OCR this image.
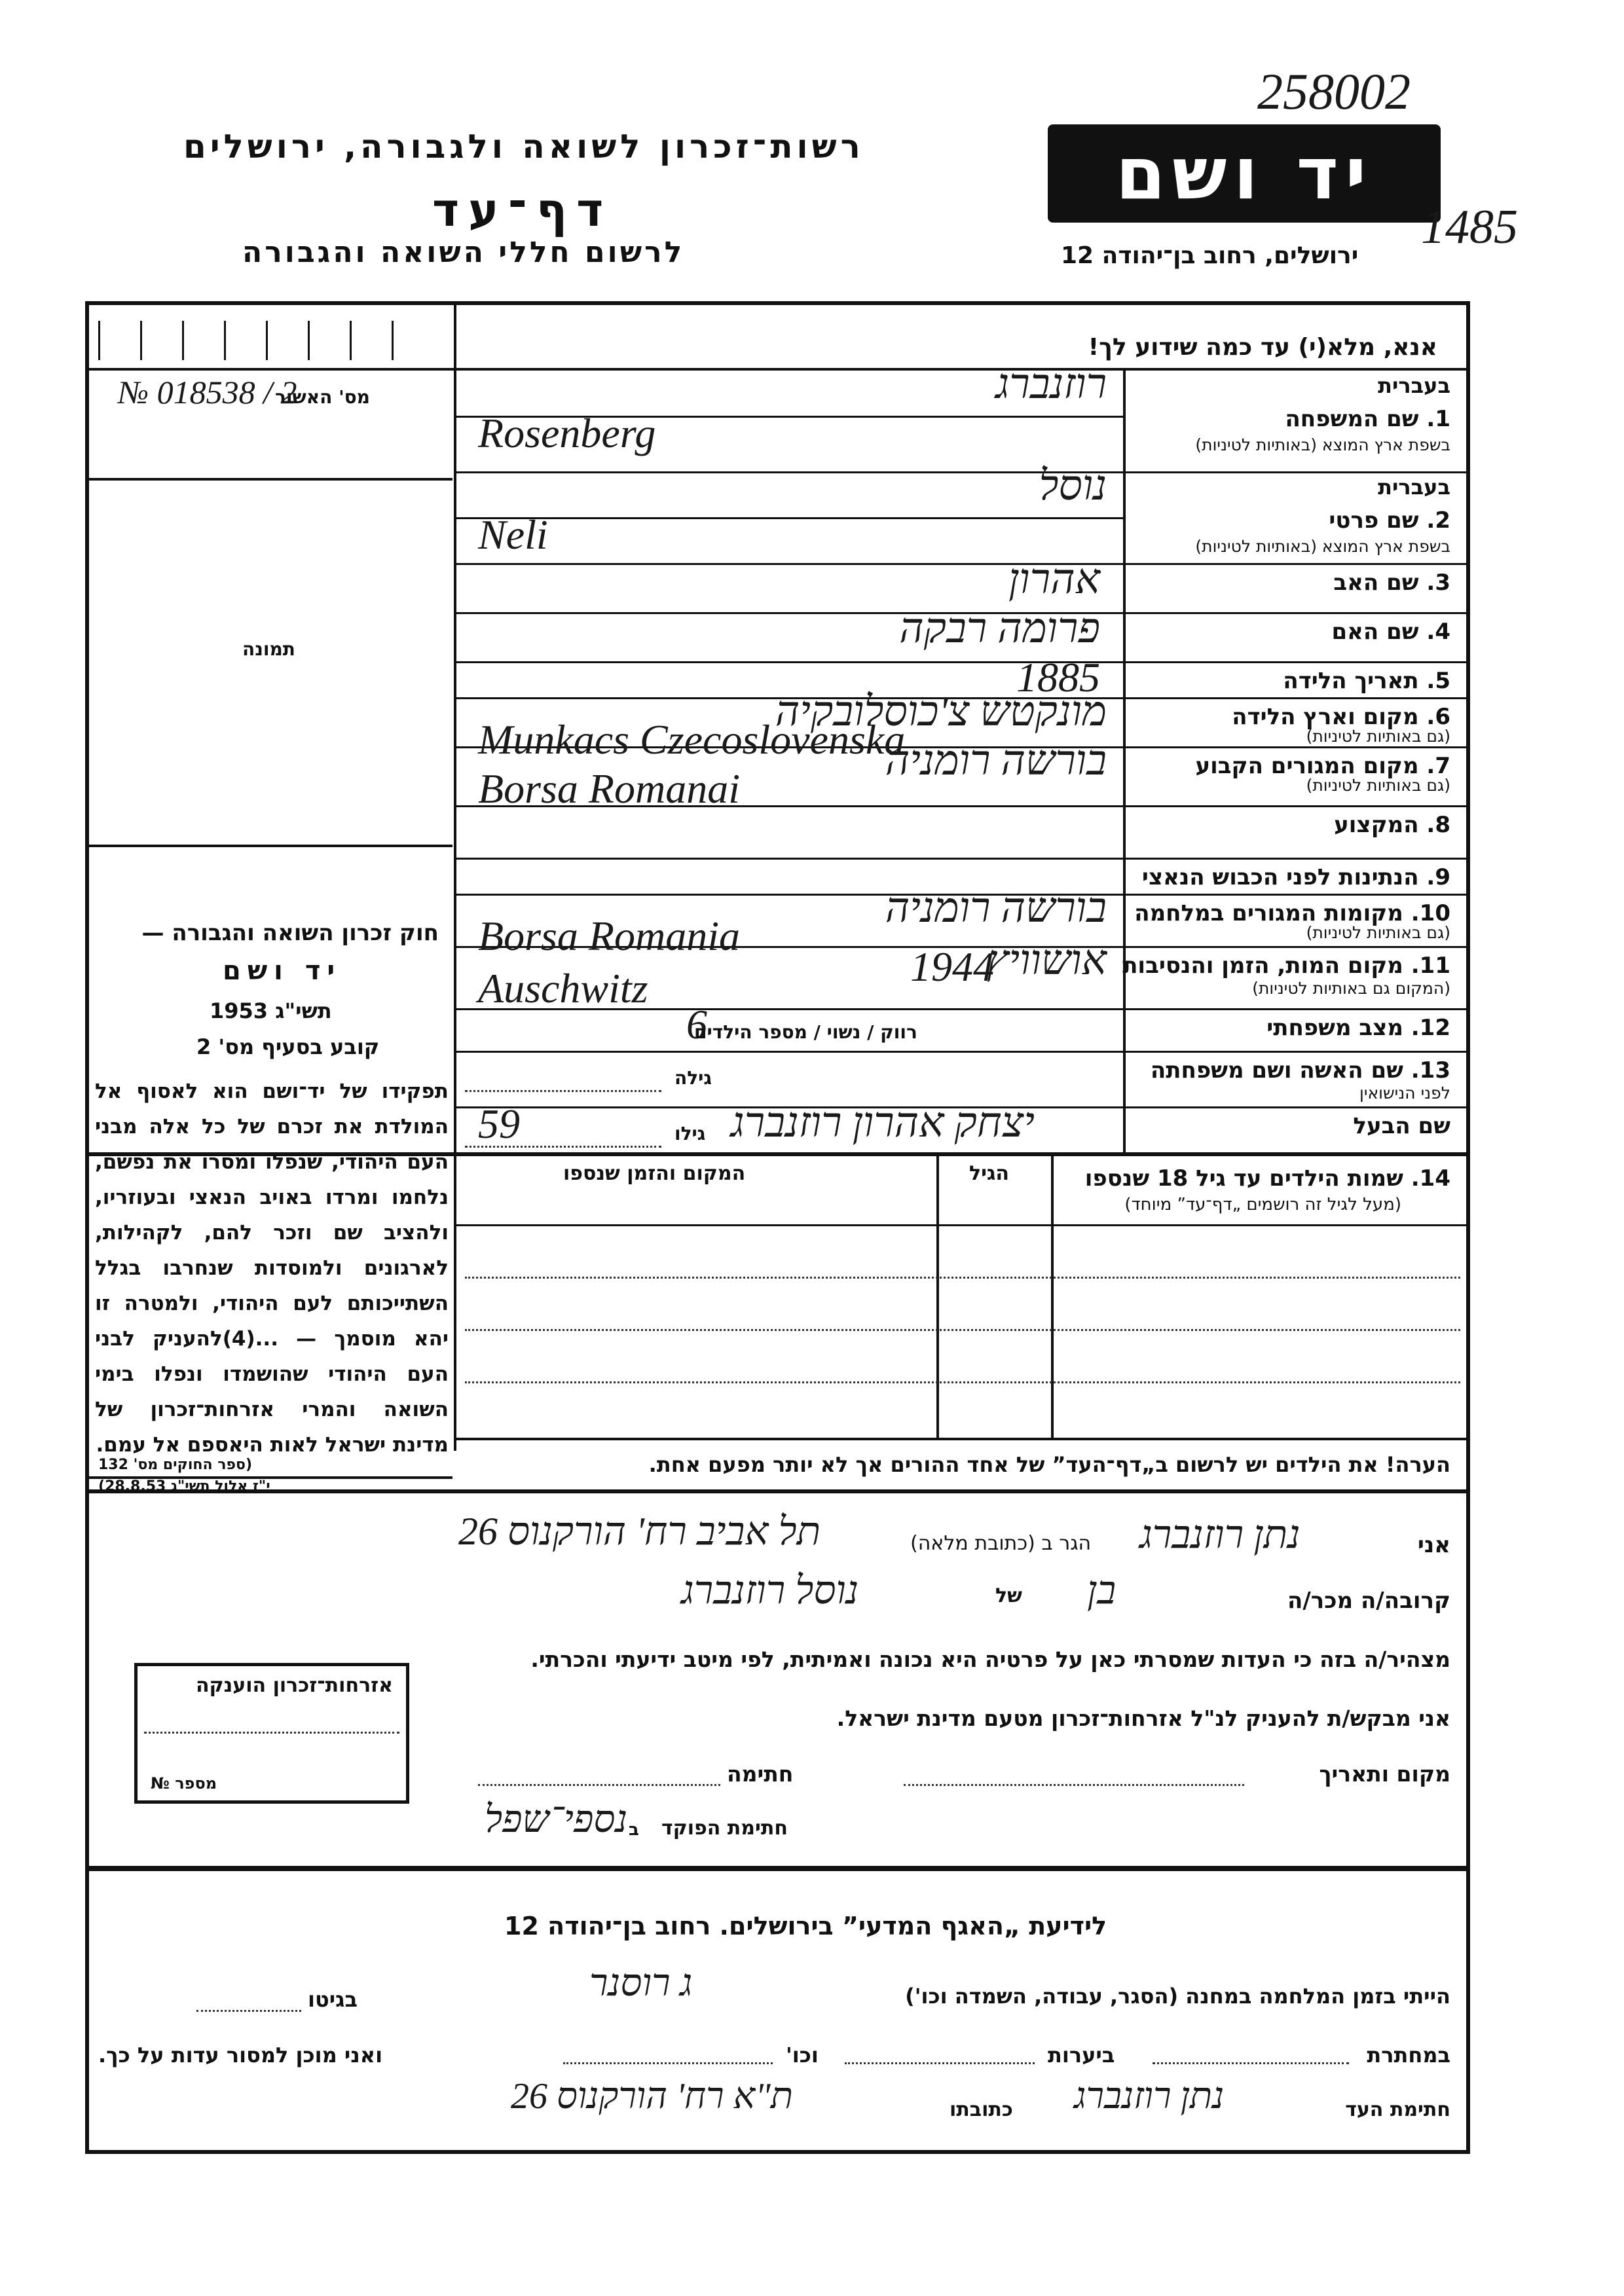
רשות־זכרון לשואה ולגבורה, ירושלים
דף־עד
לרשום חללי השואה והגבורה
יד ושם
ירושלים, רחוב בן־יהודה 12
258002
1485
אנא, מלא(י) עד כמה שידוע לך!
מס' האשור
№ 018538 / 2
תמונה
1. שם המשפחה
בעברית
בשפת ארץ המוצא (באותיות לטיניות)
רוזנברג
Rosenberg
2. שם פרטי
בעברית
בשפת ארץ המוצא (באותיות לטיניות)
נוסל
Neli
3. שם האב
אהרון
4. שם האם
פרומה רבקה
5. תאריך הלידה
1885
6. מקום וארץ הלידה
(גם באותיות לטיניות)
מונקטש צ'כוסלובקיה
Munkacs Czecoslovenska
7. מקום המגורים הקבוע
(גם באותיות לטיניות)
בורשה רומניה
Borsa Romanai
8. המקצוע
9. הנתינות לפני הכבוש הנאצי
10. מקומות המגורים במלחמה
(גם באותיות לטיניות)
בורשה רומניה
Borsa Romania
11. מקום המות, הזמן והנסיבות
(המקום גם באותיות לטיניות)
אושוויץ
Auschwitz	1944
12. מצב משפחתי
6
רווק / נשוי / מספר הילדים
13. שם האשה ושם משפחתה
לפני הנישואין
גילה
שם הבעל
יצחק אהרון רוזנברג
גילו
59
14. שמות הילדים עד גיל 18 שנספו
(מעל לגיל זה רושמים „דף־עד” מיוחד)
הגיל
המקום והזמן שנספו
הערה! את הילדים יש לרשום ב„דף־העד” של אחד ההורים אך לא יותר מפעם אחת.
חוק זכרון השואה והגבורה —
יד ושם
תשי"ג 1953
קובע בסעיף מס' 2
תפקידו של יד־ושם הוא לאסוף אל המולדת את זכרם של כל אלה מבני העם היהודי, שנפלו ומסרו את נפשם, נלחמו ומרדו באויב הנאצי ובעוזריו, ולהציב שם וזכר להם, לקהילות, לארגונים ולמוסדות שנחרבו בגלל השתייכותם לעם היהודי, ולמטרה זו יהא מוסמך — ...(4)להעניק לבני העם היהודי שהושמדו ונפלו בימי השואה והמרי אזרחות־זכרון של מדינת ישראל לאות היאספם אל עמם.
(ספר החוקים מס' 132
י"ז אלול תשי"ג 28.8.53)
אזרחות־זכרון הוענקה
מספר №
אני
נתן רוזנברג
הגר ב (כתובת מלאה)
תל אביב רח' הורקנוס 26
קרובה/ה מכר/ה
בן
של
נוסל רוזנברג
מצהיר/ה בזה כי העדות שמסרתי כאן על פרטיה היא נכונה ואמיתית, לפי מיטב ידיעתי והכרתי.
אני מבקש/ת להעניק לנ"ל אזרחות־זכרון מטעם מדינת ישראל.
מקום ותאריך
חתימה
חתימת הפוקד
ב
נספי־שפל
לידיעת „האגף המדעי” בירושלים. רחוב בן־יהודה 12
הייתי בזמן המלחמה במחנה (הסגר, עבודה, השמדה וכו')
ג רוסנר
בגיטו
במחתרת
ביערות
וכו'
ואני מוכן למסור עדות על כך.
חתימת העד
נתן רוזנברג
כתובתו
ת"א רח' הורקנוס 26
